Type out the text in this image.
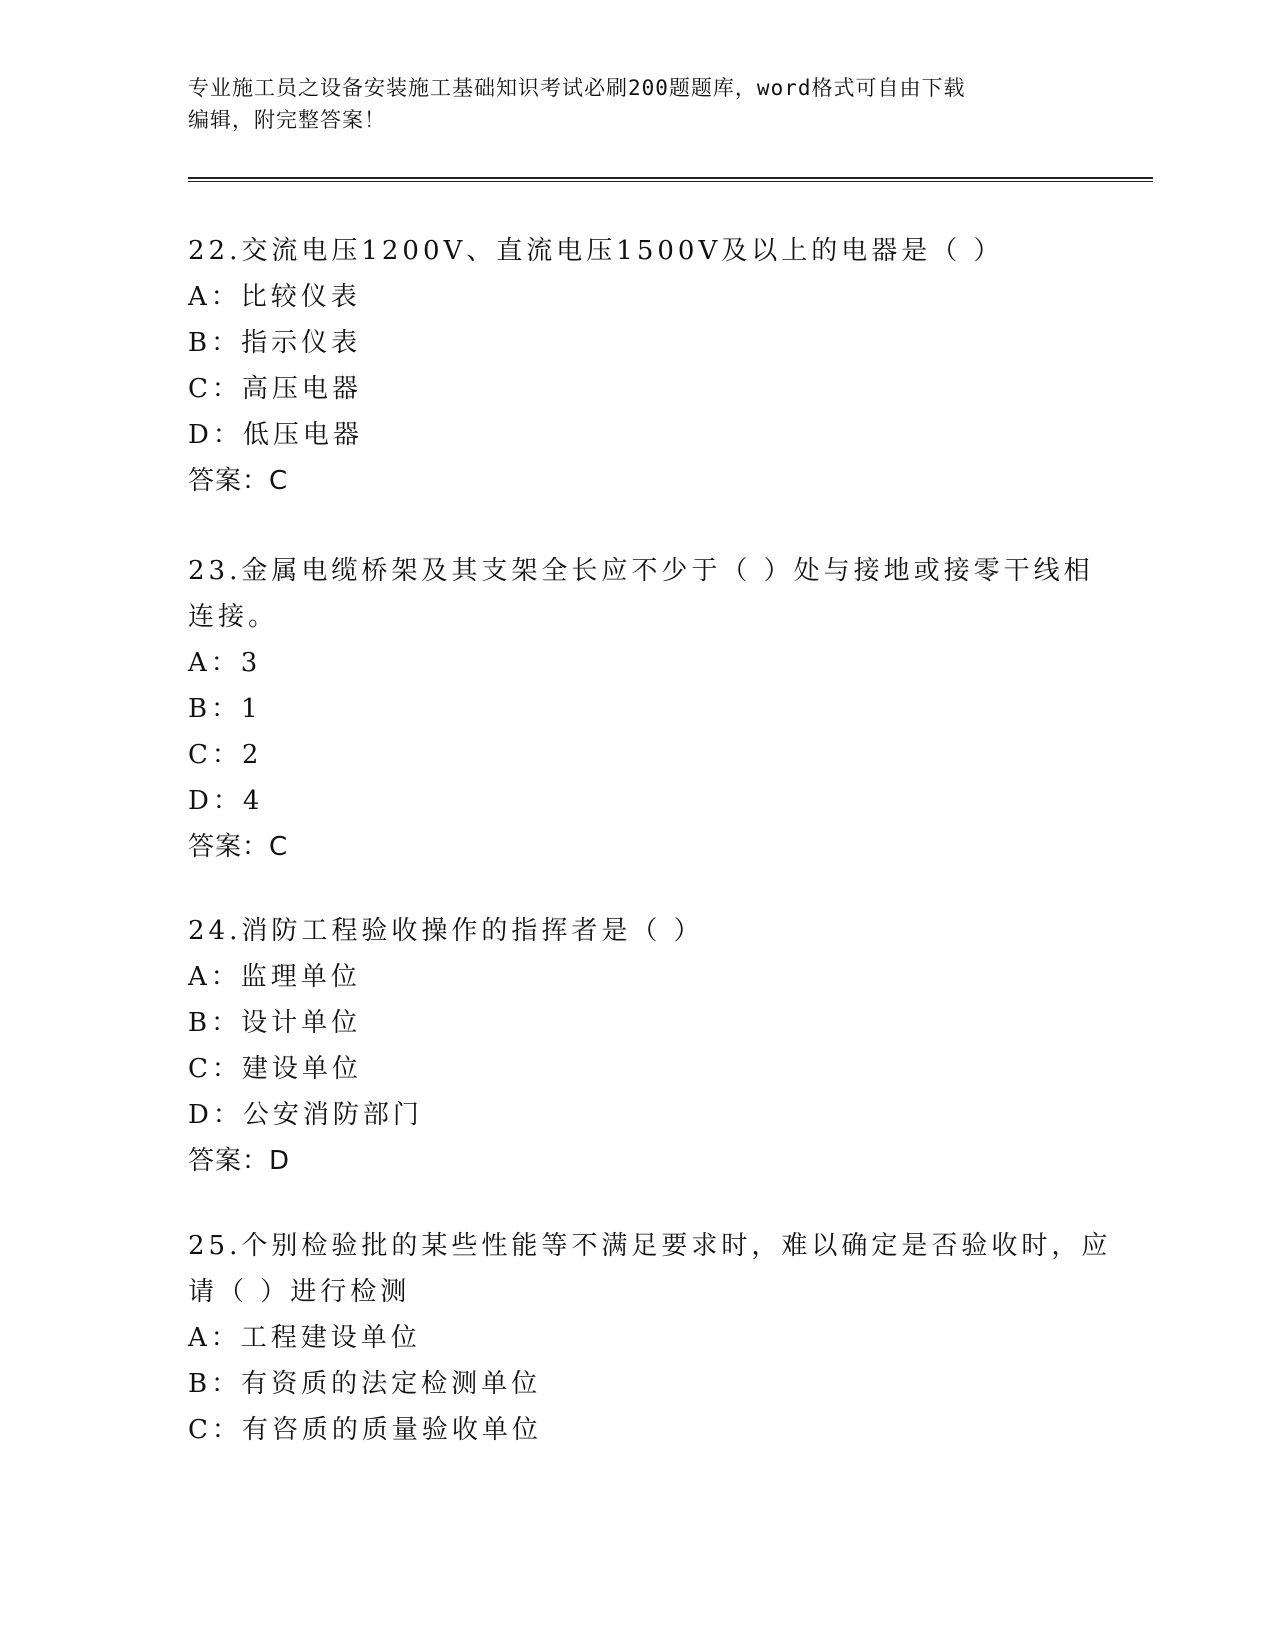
专业施工员之设备安装施工基础知识考试必刷200题题库，word格式可自由下载
编辑，附完整答案！
22.交流电压1200V、直流电压1500V及以上的电器是（ ）
A：比较仪表
B：指示仪表
C：高压电器
D：低压电器
答案：C
23.金属电缆桥架及其支架全长应不少于（ ）处与接地或接零干线相
连接。
A：3
B：1
C：2
D：4
答案：C
24.消防工程验收操作的指挥者是（ ）
A：监理单位
B：设计单位
C：建设单位
D：公安消防部门
答案：D
25.个别检验批的某些性能等不满足要求时，难以确定是否验收时，应
请（ ）进行检测
A：工程建设单位
B：有资质的法定检测单位
C：有咨质的质量验收单位
